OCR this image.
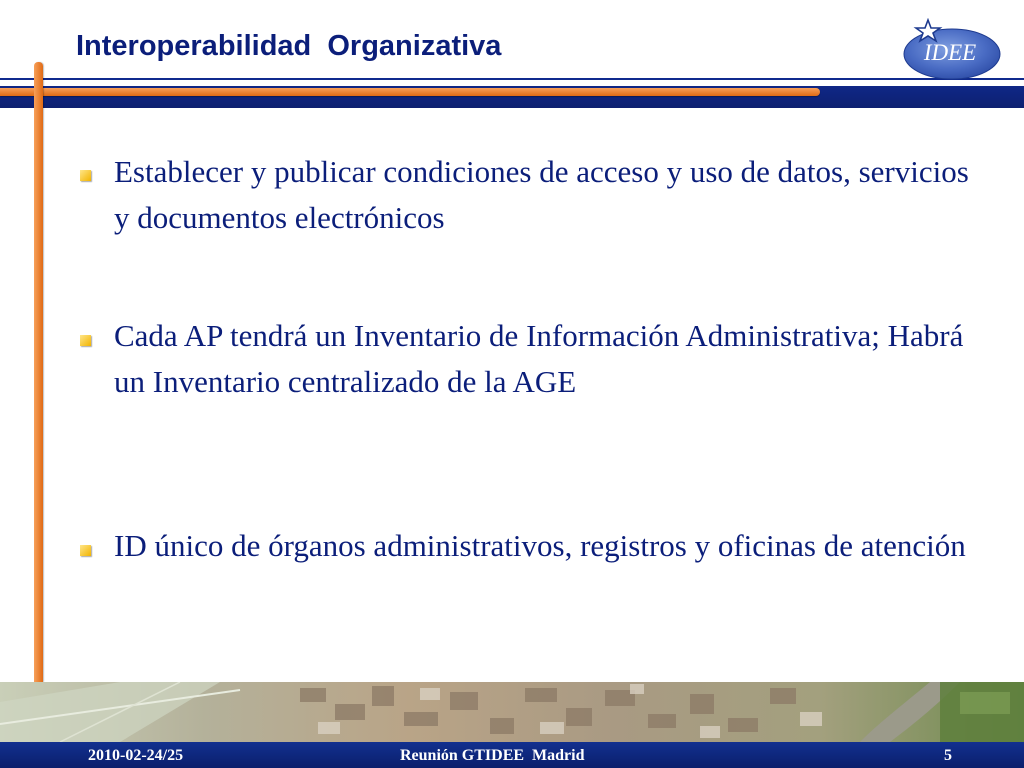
Interoperabilidad  Organizativa	IDEE

Establecer y publicar condiciones de acceso y uso de datos, servicios y documentos electrónicos

Cada AP tendrá un Inventario de Información Administrativa; Habrá un Inventario centralizado de la AGE

ID único de órganos administrativos, registros y oficinas de atención

2010-02-24/25	Reunión GTIDEE  Madrid	5
